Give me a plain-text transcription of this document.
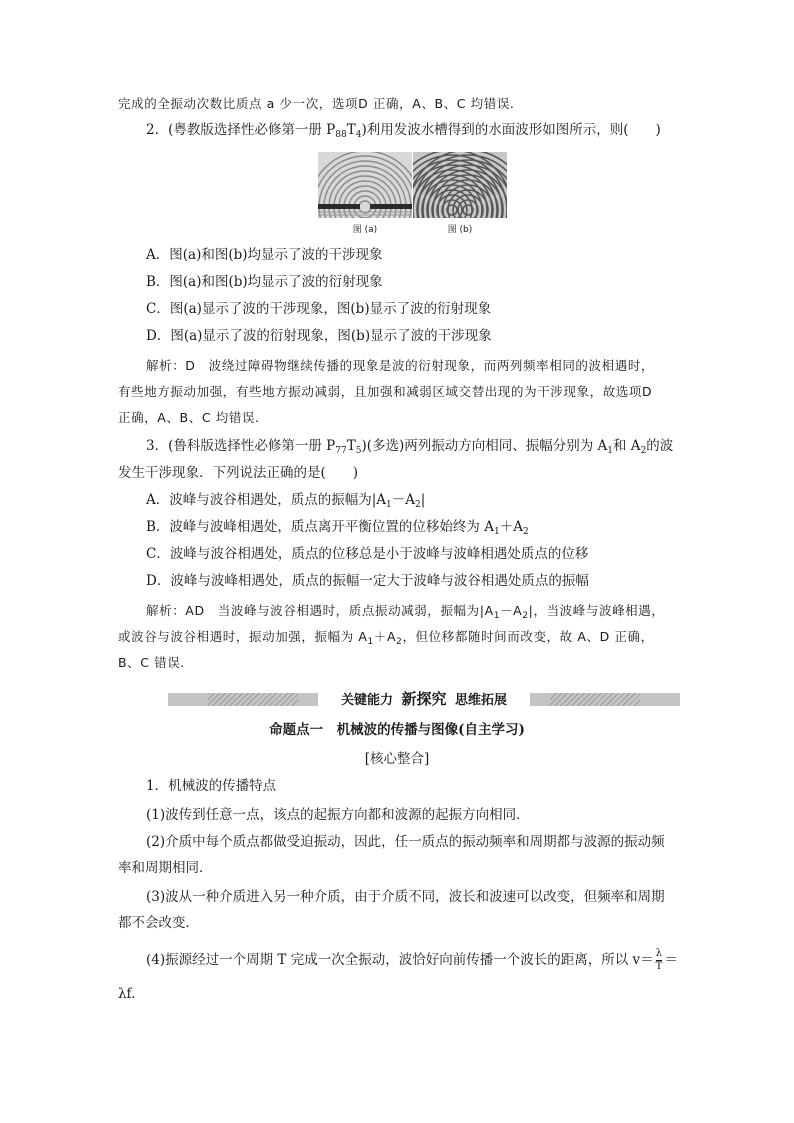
完成的全振动次数比质点 a 少一次，选项D 正确，A、B、C 均错误.
2．(粤教版选择性必修第一册 $P_{88}T_4$)利用发波水槽得到的水面波形如图所示，则(　　)
图 (a)	图 (b)
A．图(a)和图(b)均显示了波的干涉现象
B．图(a)和图(b)均显示了波的衍射现象
C．图(a)显示了波的干涉现象，图(b)显示了波的衍射现象
D．图(a)显示了波的衍射现象，图(b)显示了波的干涉现象
解析：D　波绕过障碍物继续传播的现象是波的衍射现象，而两列频率相同的波相遇时，
有些地方振动加强，有些地方振动减弱，且加强和减弱区域交替出现的为干涉现象，故选项D
正确，A、B、C 均错误.
3．(鲁科版选择性必修第一册 $P_{77}T_5$)(多选)两列振动方向相同、振幅分别为 $A_1$和 $A_2$的波
发生干涉现象．下列说法正确的是(　　)
A．波峰与波谷相遇处，质点的振幅为$|A_1-A_2|$
B．波峰与波峰相遇处，质点离开平衡位置的位移始终为 $A_1+A_2$
C．波峰与波谷相遇处，质点的位移总是小于波峰与波峰相遇处质点的位移
D．波峰与波峰相遇处，质点的振幅一定大于波峰与波谷相遇处质点的振幅
解析：AD　当波峰与波谷相遇时，质点振动减弱，振幅为$|A_1-A_2|$，当波峰与波峰相遇，
或波谷与波谷相遇时，振动加强，振幅为 $A_1+A_2$，但位移都随时间而改变，故 A、D 正确，
B、C 错误.
关键能力 新探究 思维拓展
命题点一　机械波的传播与图像(自主学习)
[核心整合]
1．机械波的传播特点
(1)波传到任意一点，该点的起振方向都和波源的起振方向相同．
(2)介质中每个质点都做受迫振动，因此，任一质点的振动频率和周期都与波源的振动频
率和周期相同．
(3)波从一种介质进入另一种介质，由于介质不同，波长和波速可以改变，但频率和周期
都不会改变．
(4)振源经过一个周期 T 完成一次全振动，波恰好向前传播一个波长的距离，所以 $v= \frac{\lambda}{T}$ ＝
λf.
